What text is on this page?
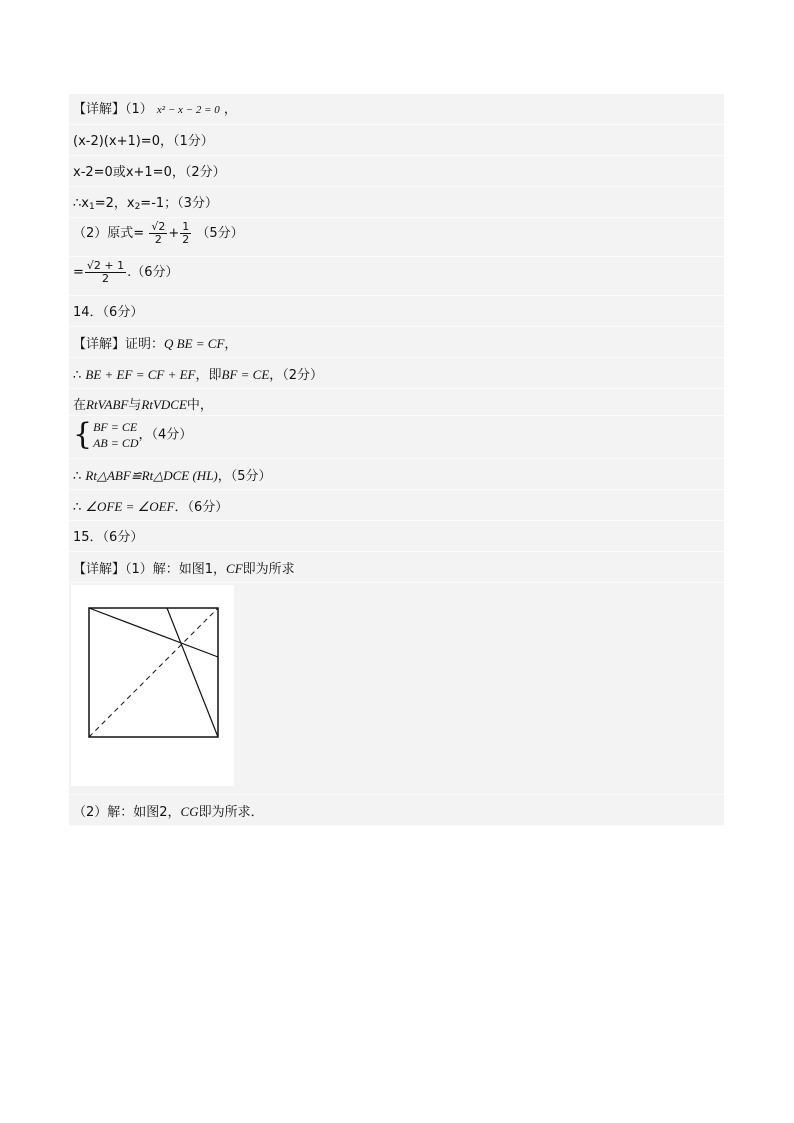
【详解】（1） x² − x − 2 = 0 ，
(x-2)(x+1)=0，（1分）
x-2=0或x+1=0，（2分）
$\therefore x_1=2$，$x_2=-1$；（3分）
（2）原式= $\frac{√2}{2} + \frac{1}{2} (5$分）
= $\frac{√2 + 1}{2} .(6$分）
14．（6分）
【详解】证明：Q BE = CF，
∴ BE + EF = CF + EF，即BF = CE，（2分）
在RtVABF与RtVDCE中，
{ BF = CE
AB = CD
，（4分）
∴ Rt△ABF≌Rt△DCE (HL)，（5分）
∴ ∠OFE = ∠OEF．（6分）
15．（6分）
【详解】（1）解：如图1，CF即为所求
（2）解：如图2，CG即为所求．
